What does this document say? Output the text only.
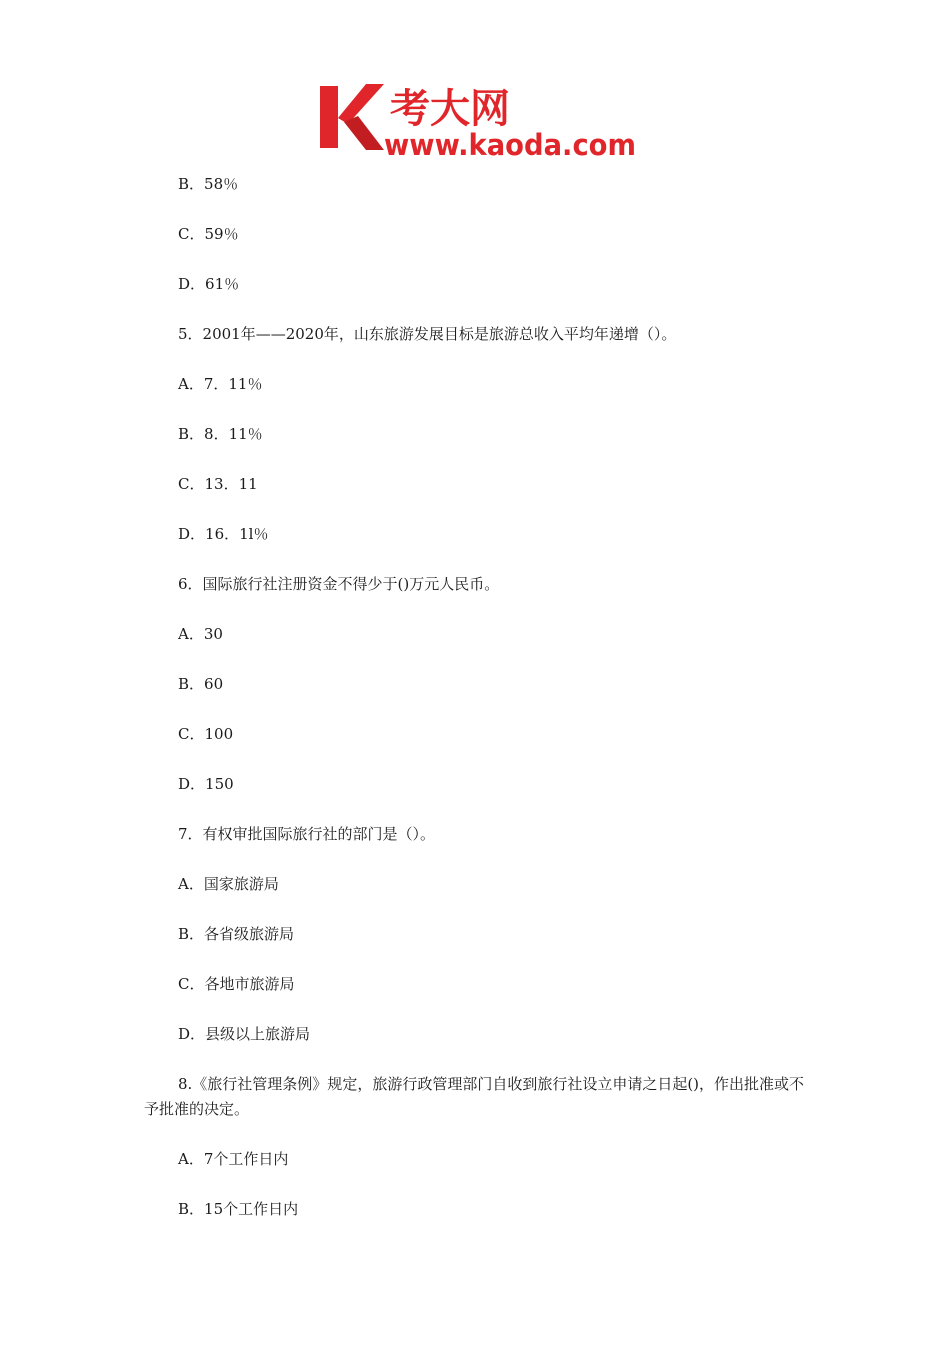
考大网
www.kaoda.com
B．58％
C．59％
D．61％
5．2001年——2020年，山东旅游发展目标是旅游总收入平均年递增（）。
A．7．11％
B．8．11％
C．13．11
D．16．1l％
6．国际旅行社注册资金不得少于()万元人民币。
A．30
B．60
C．100
D．150
7．有权审批国际旅行社的部门是（）。
A．国家旅游局
B．各省级旅游局
C．各地市旅游局
D．县级以上旅游局
8.《旅行社管理条例》规定，旅游行政管理部门自收到旅行社设立申请之日起()，作出批准或不予批准的决定。
A．7个工作日内
B．15个工作日内
